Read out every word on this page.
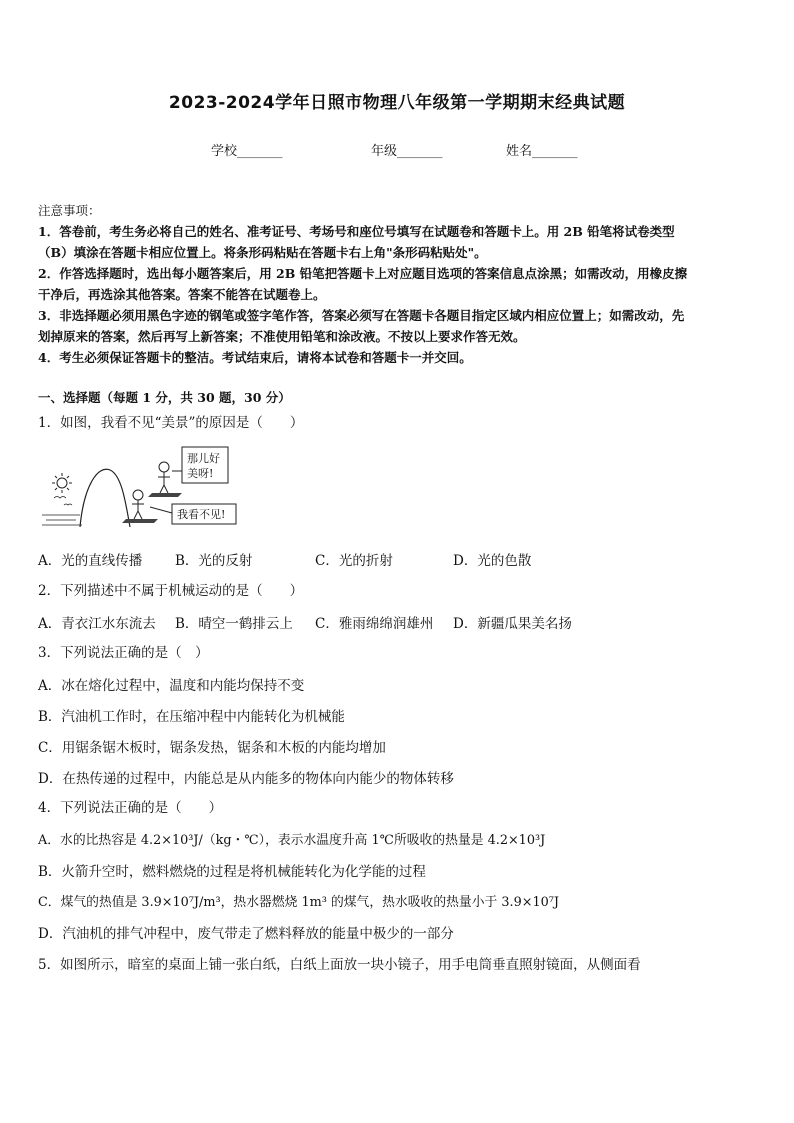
2023-2024学年日照市物理八年级第一学期期末经典试题
学校_______	年级_______	姓名_______
注意事项：
1．答卷前，考生务必将自己的姓名、准考证号、考场号和座位号填写在试题卷和答题卡上。用 2B 铅笔将试卷类型
（B）填涂在答题卡相应位置上。将条形码粘贴在答题卡右上角"条形码粘贴处"。
2．作答选择题时，选出每小题答案后，用 2B 铅笔把答题卡上对应题目选项的答案信息点涂黑；如需改动，用橡皮擦
干净后，再选涂其他答案。答案不能答在试题卷上。
3．非选择题必须用黑色字迹的钢笔或签字笔作答，答案必须写在答题卡各题目指定区域内相应位置上；如需改动，先
划掉原来的答案，然后再写上新答案；不准使用铅笔和涂改液。不按以上要求作答无效。
4．考生必须保证答题卡的整洁。考试结束后，请将本试卷和答题卡一并交回。
一、选择题（每题 1 分，共 30 题，30 分）
1．如图，我看不见“美景”的原因是（　　）
那儿好
美呀!
我看不见!
A．光的直线传播 B．光的反射	C．光的折射	D．光的色散
2．下列描述中不属于机械运动的是（　　）
A．青衣江水东流去 B．晴空一鹤排云上 C．雅雨绵绵润雄州 D．新疆瓜果美名扬
3．下列说法正确的是（　）
A．冰在熔化过程中，温度和内能均保持不变
B．汽油机工作时，在压缩冲程中内能转化为机械能
C．用锯条锯木板时，锯条发热，锯条和木板的内能均增加
D．在热传递的过程中，内能总是从内能多的物体向内能少的物体转移
4．下列说法正确的是（　　）
A．水的比热容是 4.2×10³J/（kg・℃），表示水温度升高 1℃所吸收的热量是 4.2×10³J
B．火箭升空时，燃料燃烧的过程是将机械能转化为化学能的过程
C．煤气的热值是 3.9×10⁷J/m³，热水器燃烧 1m³ 的煤气，热水吸收的热量小于 3.9×10⁷J
D．汽油机的排气冲程中，废气带走了燃料释放的能量中极少的一部分
5．如图所示，暗室的桌面上铺一张白纸，白纸上面放一块小镜子，用手电筒垂直照射镜面，从侧面看
